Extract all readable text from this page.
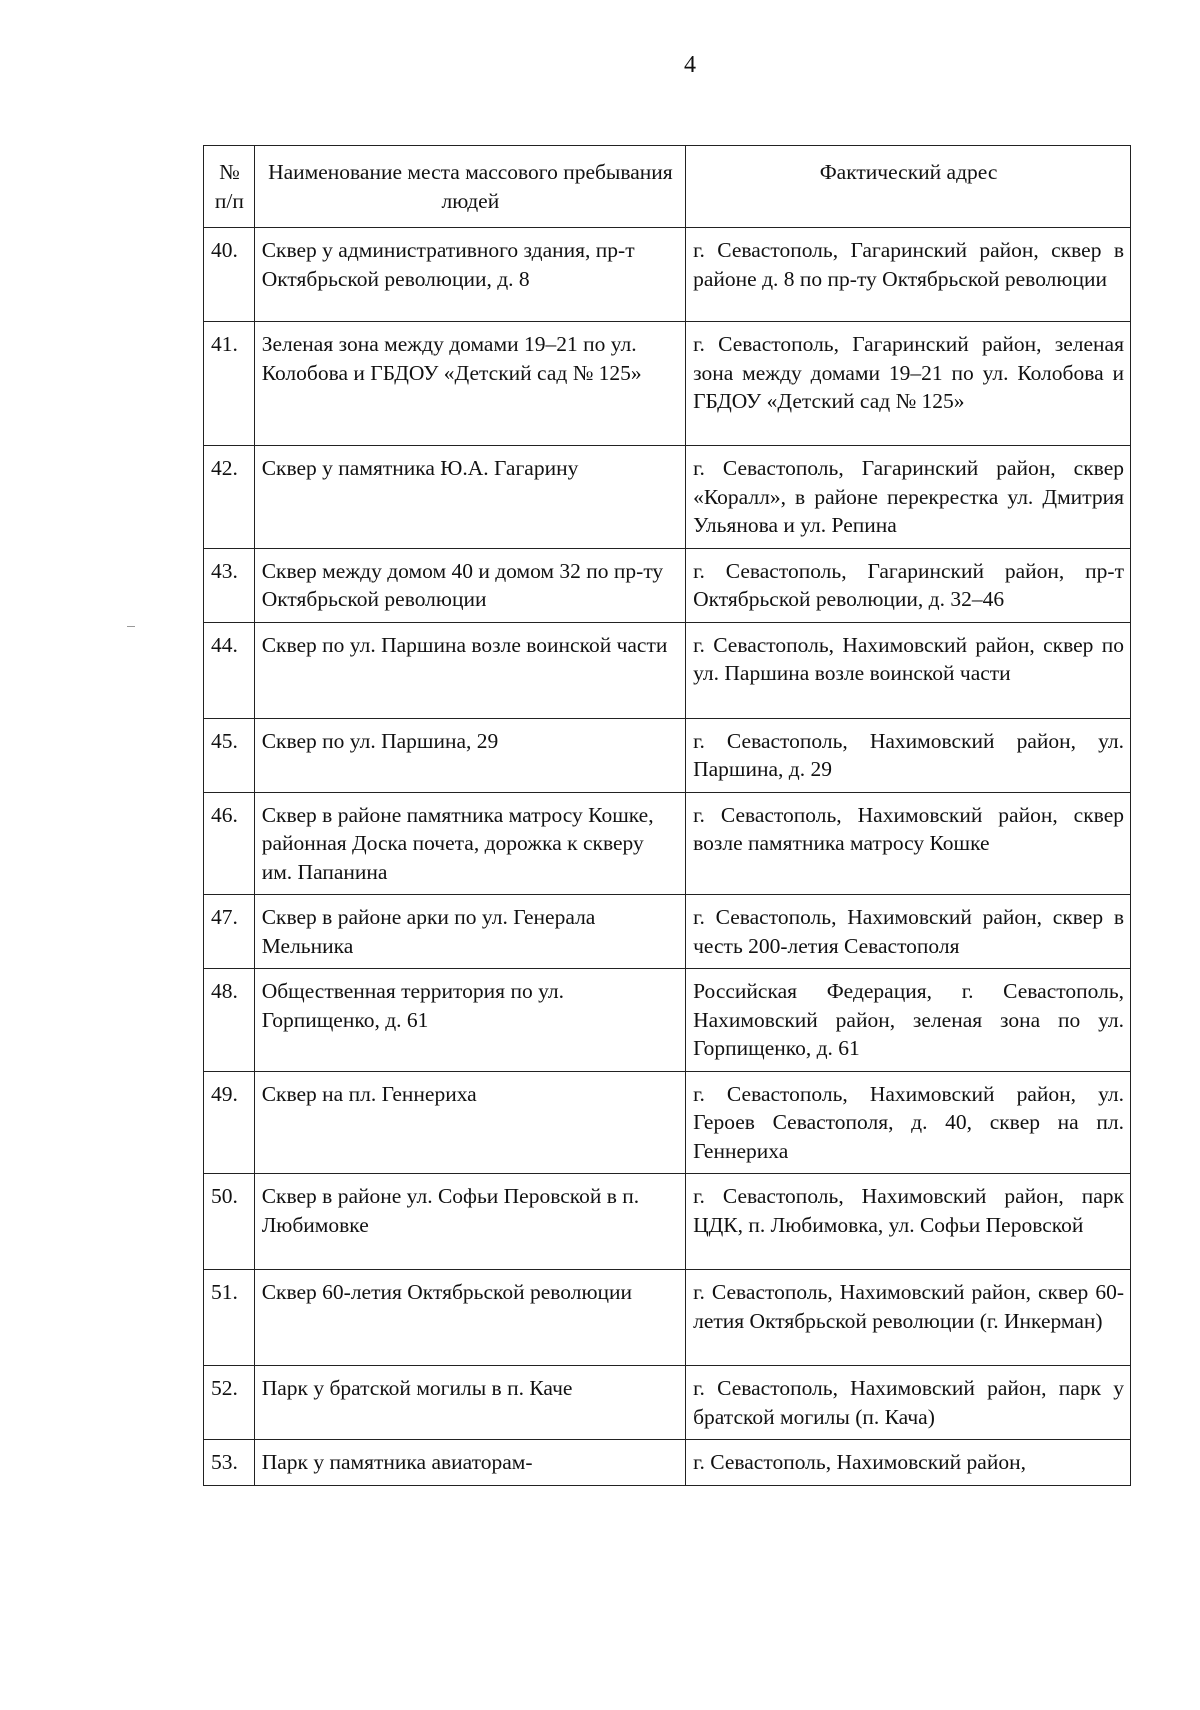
4
№ п/п	Наименование места массового пребывания людей	Фактический адрес
40.	Сквер у административного здания, пр-т Октябрьской революции, д. 8	г. Севастополь, Гагаринский район, сквер в районе д. 8 по пр-ту Октябрьской революции
41.	Зеленая зона между домами 19–21 по ул. Колобова и ГБДОУ «Детский сад № 125»	г. Севастополь, Гагаринский район, зеленая зона между домами 19–21 по ул. Колобова и ГБДОУ «Детский сад № 125»
42.	Сквер у памятника Ю.А. Гагарину	г. Севастополь, Гагаринский район, сквер «Коралл», в районе перекрестка ул. Дмитрия Ульянова и ул. Репина
43.	Сквер между домом 40 и домом 32 по пр-ту Октябрьской революции	г. Севастополь, Гагаринский район, пр-т Октябрьской революции, д. 32–46
44.	Сквер по ул. Паршина возле воинской части	г. Севастополь, Нахимовский район, сквер по ул. Паршина возле воинской части
45.	Сквер по ул. Паршина, 29	г. Севастополь, Нахимовский район, ул. Паршина, д. 29
46.	Сквер в районе памятника матросу Кошке, районная Доска почета, дорожка к скверу им. Папанина	г. Севастополь, Нахимовский район, сквер возле памятника матросу Кошке
47.	Сквер в районе арки по ул. Генерала Мельника	г. Севастополь, Нахимовский район, сквер в честь 200-летия Севастополя
48.	Общественная территория по ул. Горпищенко, д. 61	Российская Федерация, г. Севастополь, Нахимовский район, зеленая зона по ул. Горпищенко, д. 61
49.	Сквер на пл. Геннериха	г. Севастополь, Нахимовский район, ул. Героев Севастополя, д. 40, сквер на пл. Геннериха
50.	Сквер в районе ул. Софьи Перовской в п. Любимовке	г. Севастополь, Нахимовский район, парк ЦДК, п. Любимовка, ул. Софьи Перовской
51.	Сквер 60-летия Октябрьской революции	г. Севастополь, Нахимовский район, сквер 60-летия Октябрьской революции (г. Инкерман)
52.	Парк у братской могилы в п. Каче	г. Севастополь, Нахимовский район, парк у братской могилы (п. Кача)
53.	Парк у памятника авиаторам-	г. Севастополь, Нахимовский район,
